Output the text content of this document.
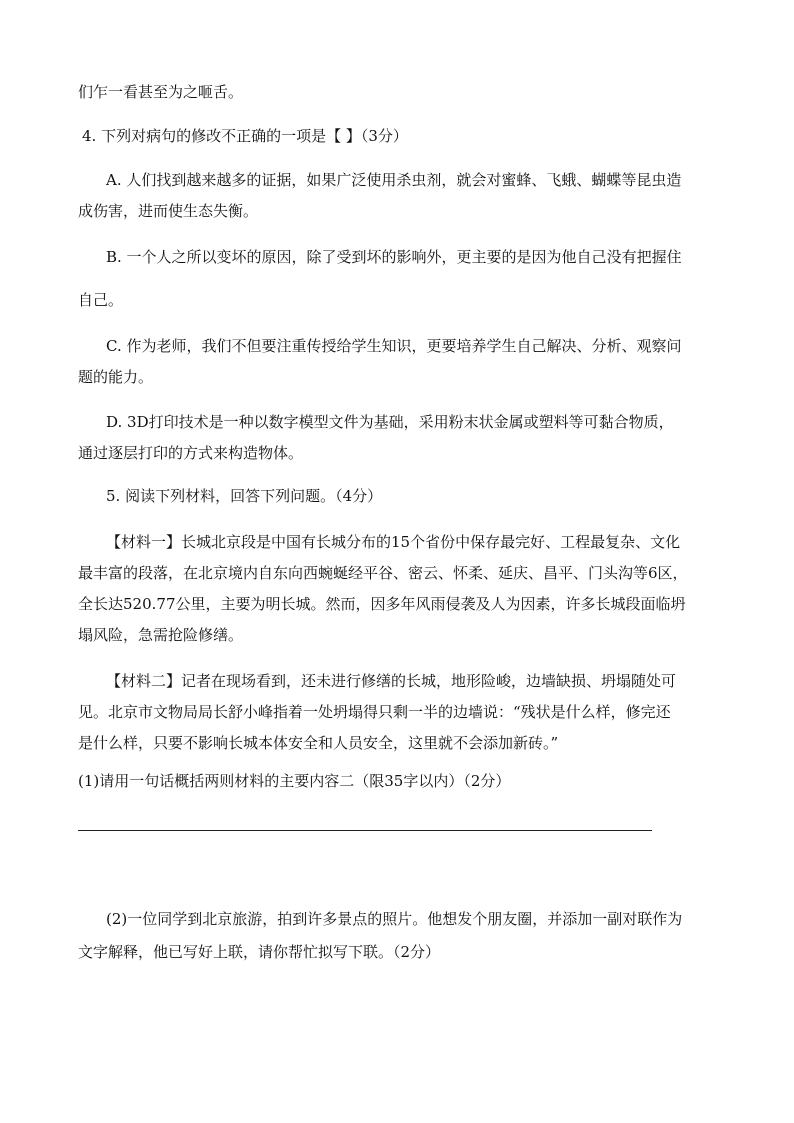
们乍一看甚至为之咂舌。
4. 下列对病句的修改不正确的一项是【 】（3分）
A. 人们找到越来越多的证据，如果广泛使用杀虫剂，就会对蜜蜂、飞蛾、蝴蝶等昆虫造
成伤害，进而使生态失衡。
B. 一个人之所以变坏的原因，除了受到坏的影响外，更主要的是因为他自己没有把握住
自己。
C. 作为老师，我们不但要注重传授给学生知识，更要培养学生自己解决、分析、观察问
题的能力。
D. 3D打印技术是一种以数字模型文件为基础，采用粉末状金属或塑料等可黏合物质，
通过逐层打印的方式来构造物体。
5. 阅读下列材料，回答下列问题。（4分）
【材料一】长城北京段是中国有长城分布的15个省份中保存最完好、工程最复杂、文化
最丰富的段落，在北京境内自东向西蜿蜒经平谷、密云、怀柔、延庆、昌平、门头沟等6区，
全长达520.77公里，主要为明长城。然而，因多年风雨侵袭及人为因素，许多长城段面临坍
塌风险，急需抢险修缮。
【材料二】记者在现场看到，还未进行修缮的长城，地形险峻，边墙缺损、坍塌随处可
见。北京市文物局局长舒小峰指着一处坍塌得只剩一半的边墙说：“残状是什么样，修完还
是什么样，只要不影响长城本体安全和人员安全，这里就不会添加新砖。”
(1)请用一句话概括两则材料的主要内容二（限35字以内）（2分）
(2)一位同学到北京旅游，拍到许多景点的照片。他想发个朋友圈，并添加一副对联作为
文字解释，他已写好上联，请你帮忙拟写下联。（2分）
